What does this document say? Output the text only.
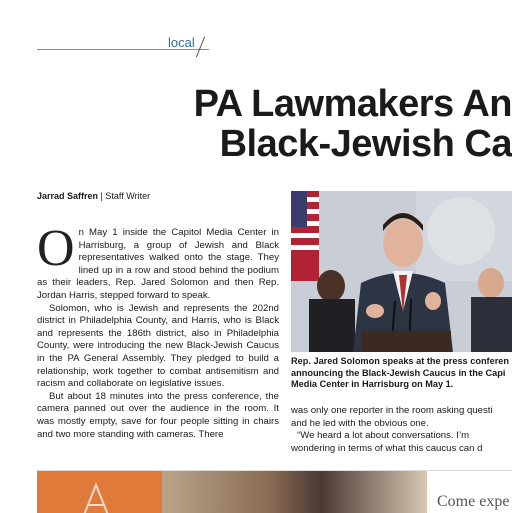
local
PA Lawmakers An
Black-Jewish Ca
Jarrad Saffren | Staff Writer

On May 1 inside the Capitol Media Center in Harrisburg, a group of Jewish and Black representatives walked onto the stage. They lined up in a row and stood behind the podium as their leaders, Rep. Jared Solomon and then Rep. Jordan Harris, stepped forward to speak.

Solomon, who is Jewish and represents the 202nd district in Philadelphia County, and Harris, who is Black and represents the 186th district, also in Philadelphia County, were introducing the new Black-Jewish Caucus in the PA General Assembly. They pledged to build a relationship, work together to combat antisemitism and racism and collaborate on legislative issues.

But about 18 minutes into the press conference, the camera panned out over the audience in the room. It was mostly empty, save for four people sitting in chairs and two more standing with cameras. There

Rep. Jared Solomon speaks at the press conferen
announcing the Black-Jewish Caucus in the Capi
Media Center in Harrisburg on May 1.

was only one reporter in the room asking questi

and he led with the obvious one.

“We heard a lot about conversations. I’m

wondering in terms of what this caucus can d

Come expe
